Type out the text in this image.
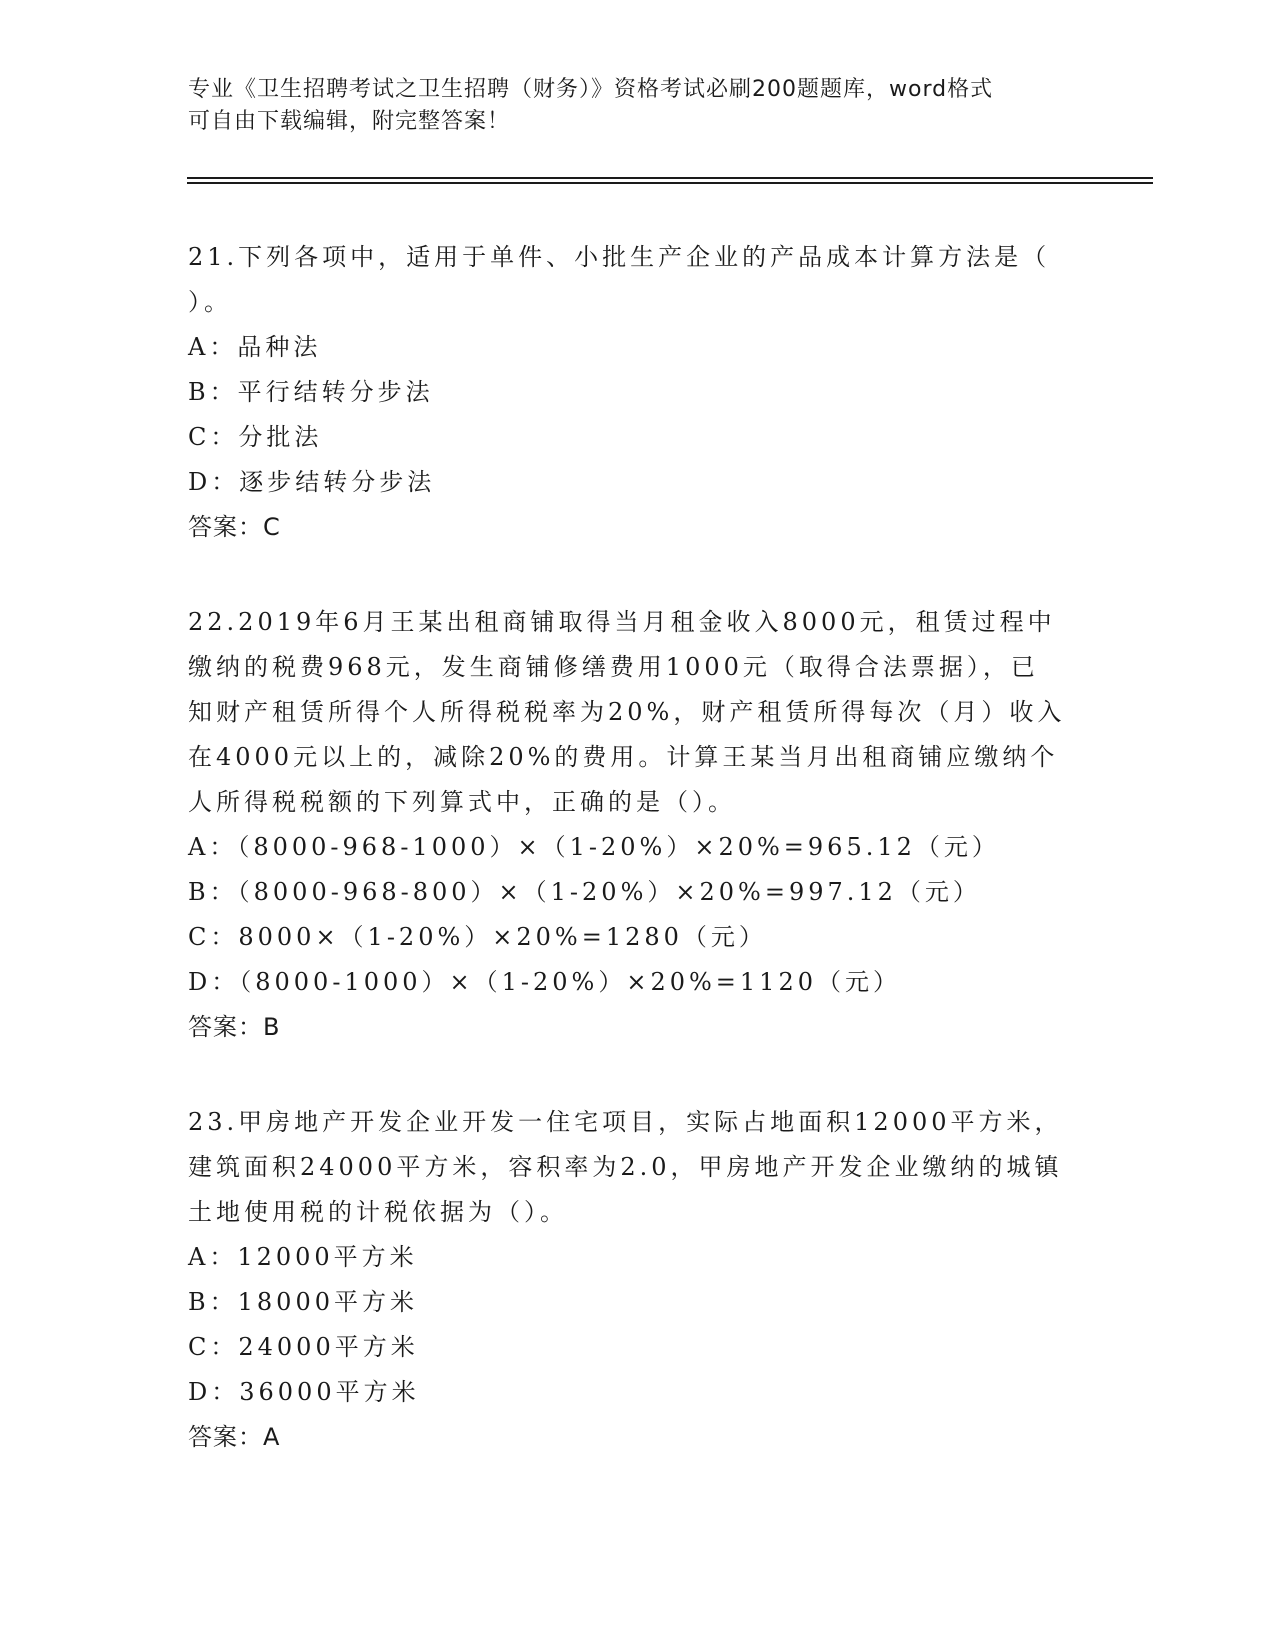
专业《卫生招聘考试之卫生招聘（财务）》资格考试必刷200题题库，word格式
可自由下载编辑，附完整答案！
21.下列各项中，适用于单件、小批生产企业的产品成本计算方法是（
）。
A：品种法
B：平行结转分步法
C：分批法
D：逐步结转分步法
答案：C
22.2019年6月王某出租商铺取得当月租金收入8000元，租赁过程中
缴纳的税费968元，发生商铺修缮费用1000元（取得合法票据），已
知财产租赁所得个人所得税税率为20%，财产租赁所得每次（月）收入
在4000元以上的，减除20%的费用。计算王某当月出租商铺应缴纳个
人所得税税额的下列算式中，正确的是（）。
A：（8000-968-1000）×（1-20%）×20%=965.12（元）
B：（8000-968-800）×（1-20%）×20%=997.12（元）
C：8000×（1-20%）×20%=1280（元）
D：（8000-1000）×（1-20%）×20%=1120（元）
答案：B
23.甲房地产开发企业开发一住宅项目，实际占地面积12000平方米，
建筑面积24000平方米，容积率为2.0，甲房地产开发企业缴纳的城镇
土地使用税的计税依据为（）。
A：12000平方米
B：18000平方米
C：24000平方米
D：36000平方米
答案：A
